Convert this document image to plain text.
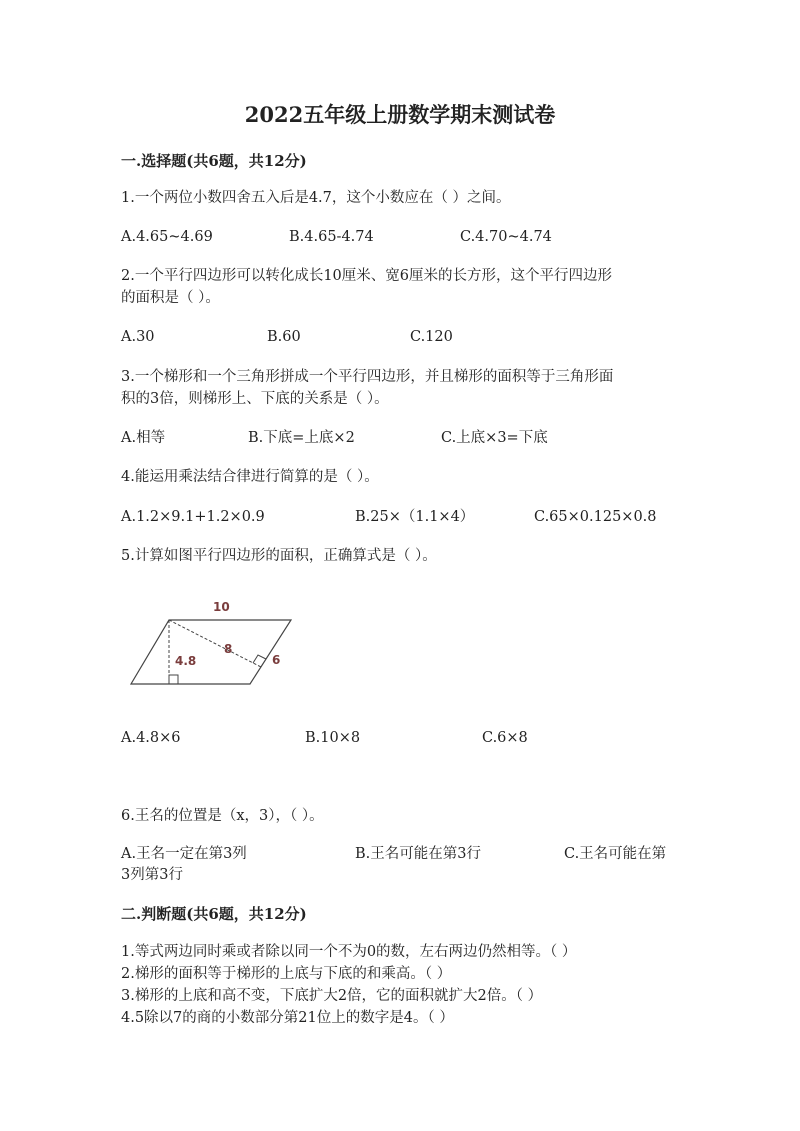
2022五年级上册数学期末测试卷
一.选择题(共6题，共12分)
1.一个两位小数四舍五入后是4.7，这个小数应在（ ）之间。
A.4.65~4.69	B.4.65-4.74	C.4.70~4.74
2.一个平行四边形可以转化成长10厘米、宽6厘米的长方形，这个平行四边形
的面积是（ ）。
A.30	B.60	C.120
3.一个梯形和一个三角形拼成一个平行四边形，并且梯形的面积等于三角形面
积的3倍，则梯形上、下底的关系是（ ）。
A.相等	B.下底=上底×2	C.上底×3=下底
4.能运用乘法结合律进行简算的是（ ）。
A.1.2×9.1+1.2×0.9	B.25×（1.1×4）	C.65×0.125×0.8
5.计算如图平行四边形的面积，正确算式是（ ）。
10
4.8
8
6
A.4.8×6	B.10×8	C.6×8
6.王名的位置是（x，3），（ ）。
A.王名一定在第3列	B.王名可能在第3行	C.王名可能在第
3列第3行
二.判断题(共6题，共12分)
1.等式两边同时乘或者除以同一个不为0的数，左右两边仍然相等。（ ）
2.梯形的面积等于梯形的上底与下底的和乘高。（ ）
3.梯形的上底和高不变，下底扩大2倍，它的面积就扩大2倍。（ ）
4.5除以7的商的小数部分第21位上的数字是4。（ ）
